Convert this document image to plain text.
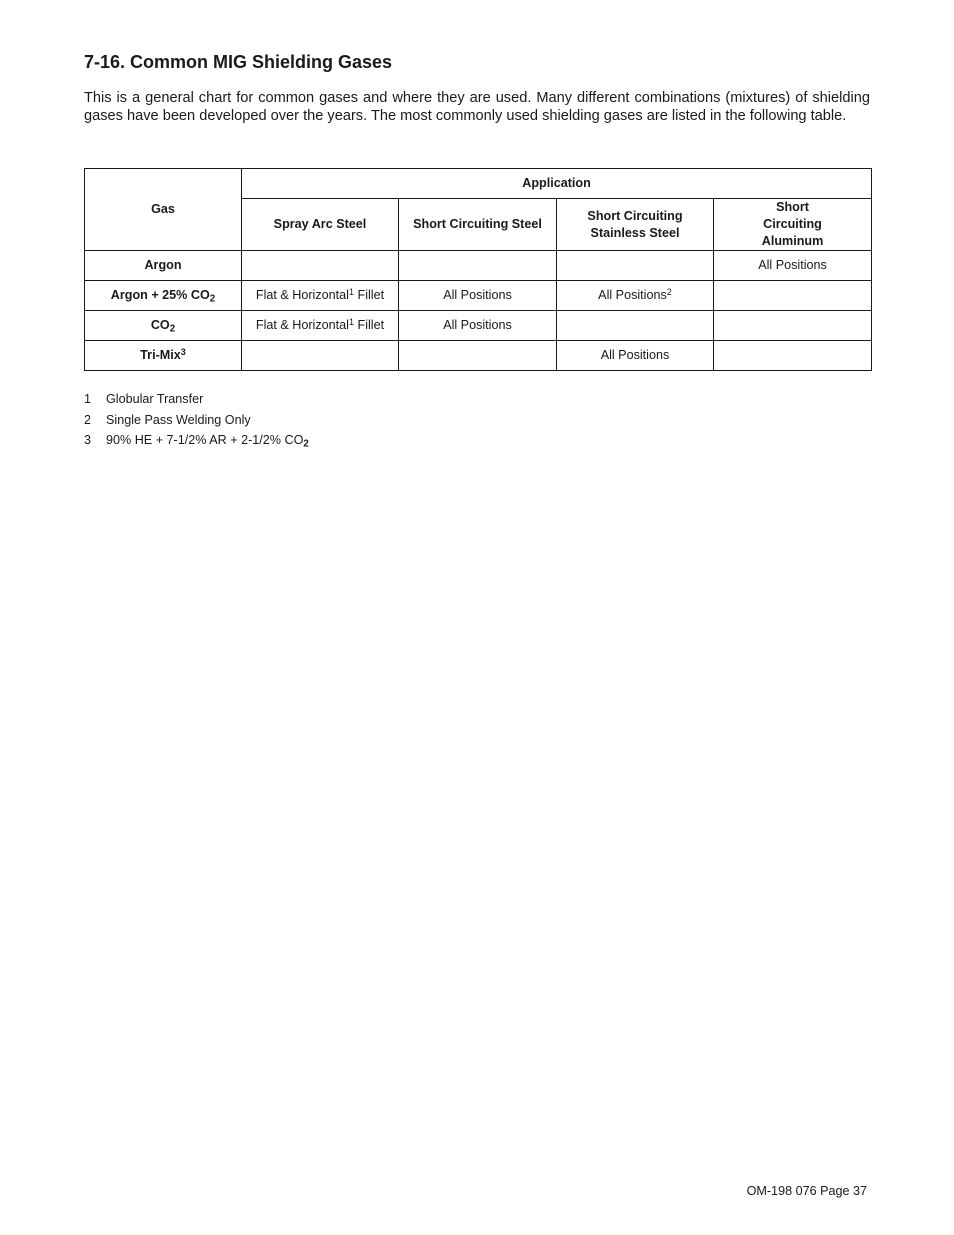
7-16. Common MIG Shielding Gases

This is a general chart for common gases and where they are used. Many different combinations (mixtures) of shielding gases have been developed over the years. The most commonly used shielding gases are listed in the following table.

Gas	Application			
	Spray Arc Steel	Short Circuiting Steel	Short Circuiting Stainless Steel	Short Circuiting Aluminum
Argon				All Positions
Argon + 25% $CO_2$	Flat & Horizontal$^1$ Fillet	All Positions	All Positions$^2$	
$CO_2$	Flat & Horizontal$^1$ Fillet	All Positions		
Tri-Mix$^3$			All Positions	
1	Globular Transfer
2	Single Pass Welding Only
3	90% HE + 7-1/2% AR + 2-1/2% $CO_2$
OM-198 076 Page 37
